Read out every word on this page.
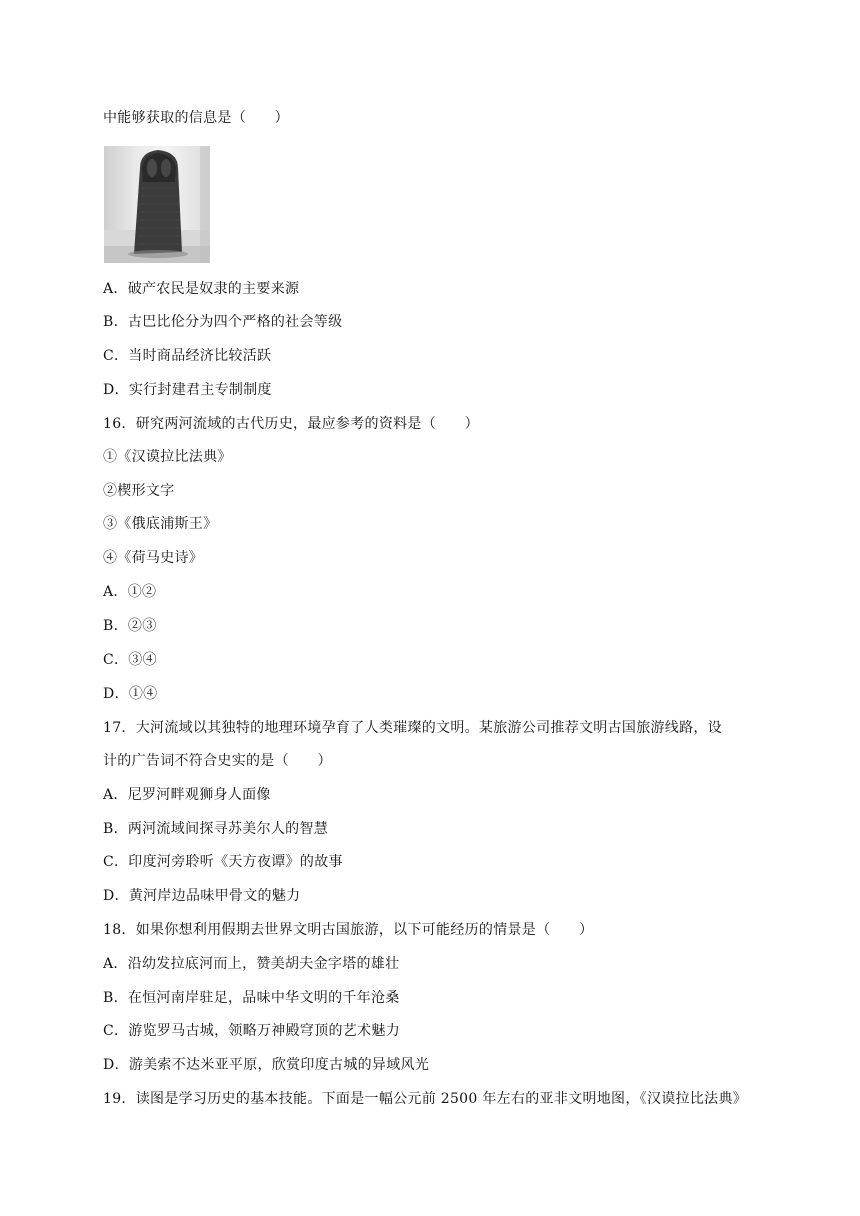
中能够获取的信息是（　　）
A．破产农民是奴隶的主要来源
B．古巴比伦分为四个严格的社会等级
C．当时商品经济比较活跃
D．实行封建君主专制制度
16．研究两河流域的古代历史，最应参考的资料是（　　）
①《汉谟拉比法典》
②楔形文字
③《俄底浦斯王》
④《荷马史诗》
A．①②
B．②③
C．③④
D．①④
17．大河流域以其独特的地理环境孕育了人类璀璨的文明。某旅游公司推荐文明古国旅游线路，设
计的广告词不符合史实的是（　　）
A．尼罗河畔观狮身人面像
B．两河流域间探寻苏美尔人的智慧
C．印度河旁聆听《天方夜谭》的故事
D．黄河岸边品味甲骨文的魅力
18．如果你想利用假期去世界文明古国旅游，以下可能经历的情景是（　　）
A．沿幼发拉底河而上，赞美胡夫金字塔的雄壮
B．在恒河南岸驻足，品味中华文明的千年沧桑
C．游览罗马古城，领略万神殿穹顶的艺术魅力
D．游美索不达米亚平原，欣赏印度古城的异域风光
19．读图是学习历史的基本技能。下面是一幅公元前 2500 年左右的亚非文明地图，《汉谟拉比法典》
